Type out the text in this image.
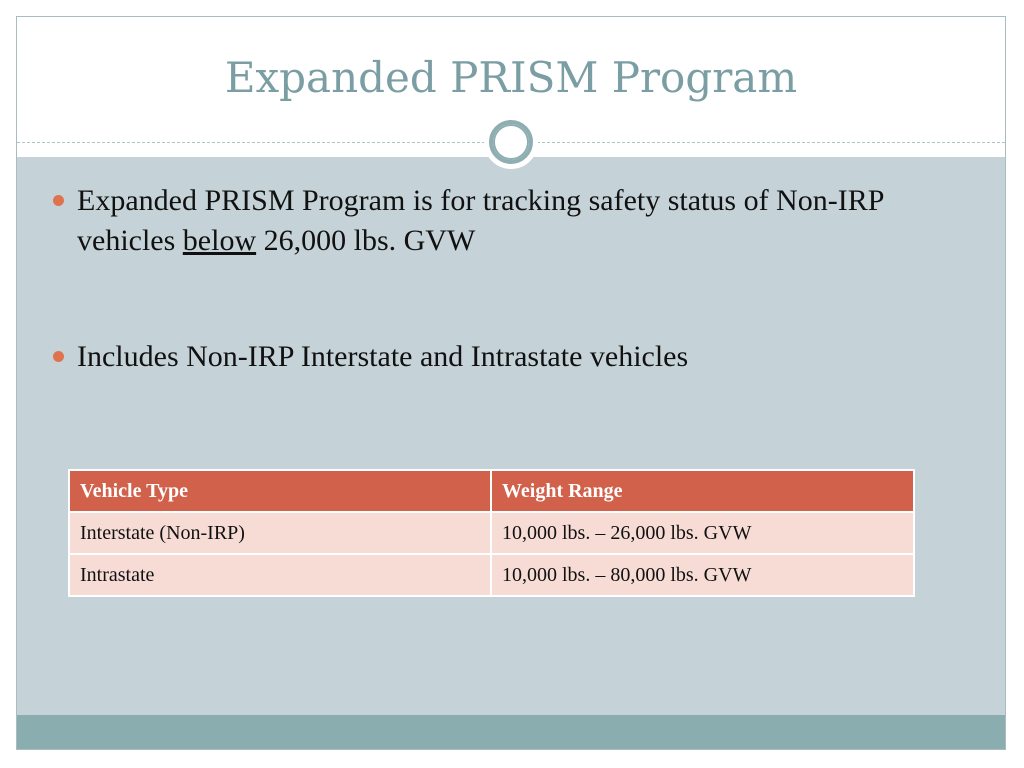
Expanded PRISM Program
Expanded PRISM Program is for tracking safety status of Non-IRP vehicles below 26,000 lbs. GVW
Includes Non-IRP Interstate and Intrastate vehicles
Vehicle Type	Weight Range
Interstate (Non-IRP)	10,000 lbs. – 26,000 lbs. GVW
Intrastate	10,000 lbs. – 80,000 lbs. GVW
